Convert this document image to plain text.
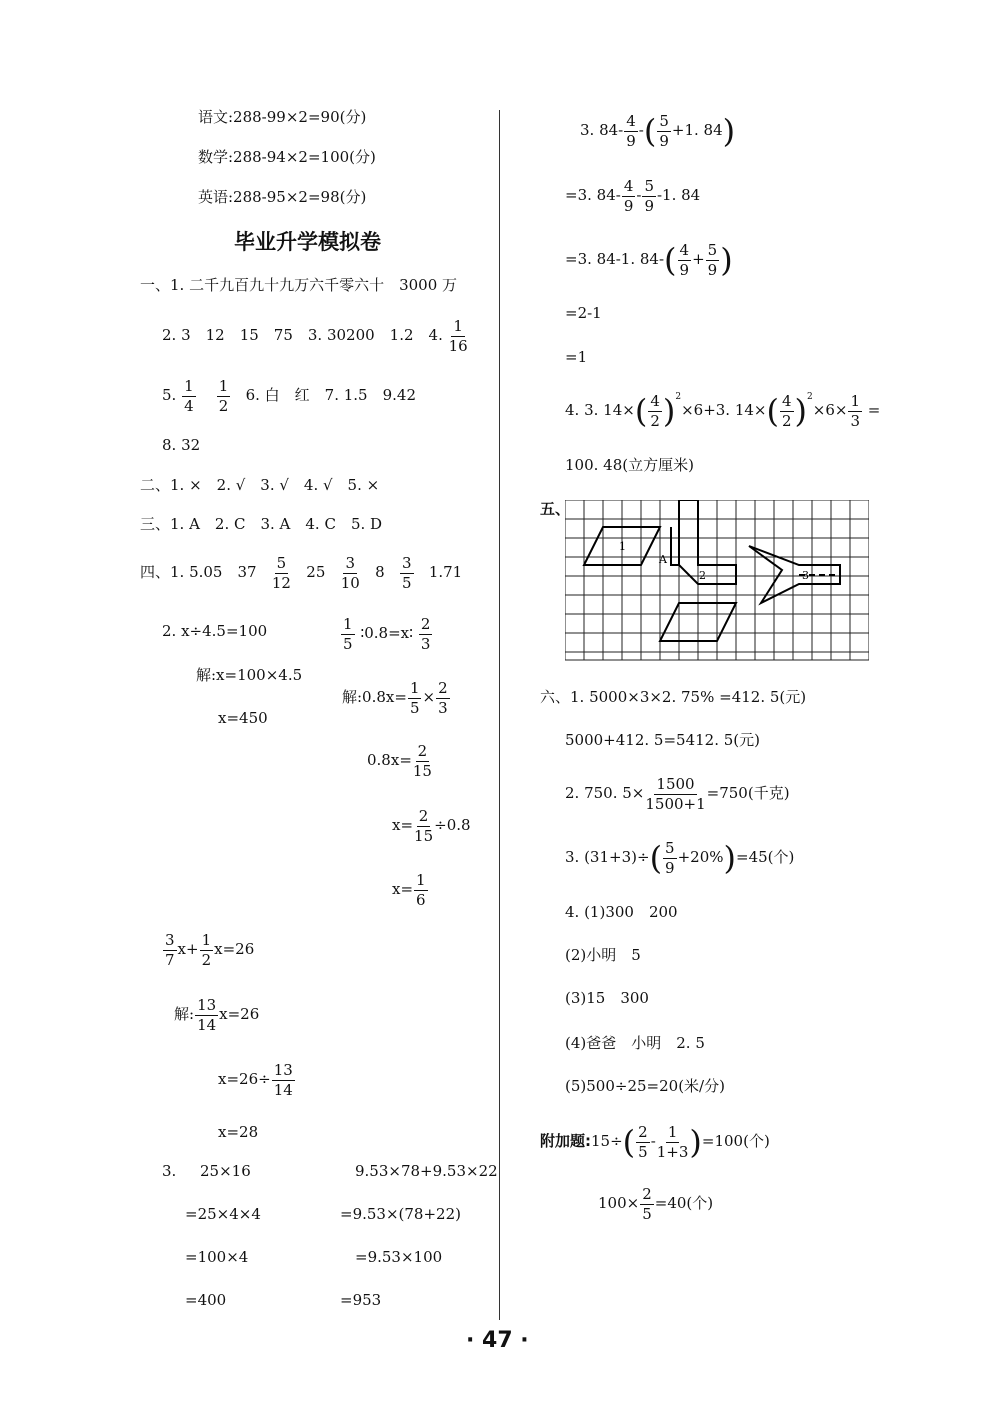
语文:288-99×2=90(分)
数学:288-94×2=100(分)
英语:288-95×2=98(分)
毕业升学模拟卷
一、1. 二千九百九十九万六千零六十　3000 万
2. 3　12　15　75　3. 30200　1.2　4. $\frac{1}{16}$
5. $\frac{1}{4}$
$\frac{1}{2} 6$. 白　红　7. 1.5　9.42
8. 32
二、1. ×　2. √　3. √　4. √　5. ×
三、1. A　2. C　3. A　4. C　5. D
四、1. 5.05　$37 \frac{5}{12} 25 \frac{3}{10} 8 \frac{3}{5} 1.71$
2. x÷4.5=100
解:x=100×4.5
x=450
$\frac{1}{5}$ ∶0.8=x∶ $\frac{2}{3}$
解:0.8x= $\frac{1}{5} \times \frac{2}{3}$
$0.8x= \frac{2}{15}$
$x= \frac{2}{15} \div 0.8$
$x= \frac{1}{6}$
$\frac{3}{7} x+ \frac{1}{2} x=26$
解: $\frac{13}{14} x=26$
$x=26\div \frac{13}{14}$
x=28
3. 25×16
=25×4×4
=100×4
=400
9.53×78+9.53×22
=9.53×(78+22)
=9.53×100
=953
3. $84- \frac{4}{9}$ -( $\frac{5}{9} +1$. 84)
=3. $84- \frac{4}{9} - \frac{5}{9} -1$. 84
=3. 84-1. $84-( \frac{4}{9} + \frac{5}{9}$ )
=2-1
=1
4. 3. $14\times( \frac{4}{2} )^2\times 6+3$. $14\times( \frac{4}{2} )^2\times 6\times \frac{1}{3}$ =
100. 48(立方厘米)
五、
1
A
2	3
六、1. 5000×3×2. 75% =412. 5(元)
5000+412. 5=5412. 5(元)
2. 750. $5\times \frac{1500}{1500+1} =750$(千克)
3. $(31+3)\div( \frac{5}{9} +20\%)=45$(个)
4. (1)300　200
(2)小明　5
(3)15　300
(4)爸爸　小明　2. 5
(5)500÷25=20(米/分)
附加题:15÷( $\frac{2}{5} - \frac{1}{1+3} )=100$(个)
$100\times \frac{2}{5} =40$(个)
· 47 ·
